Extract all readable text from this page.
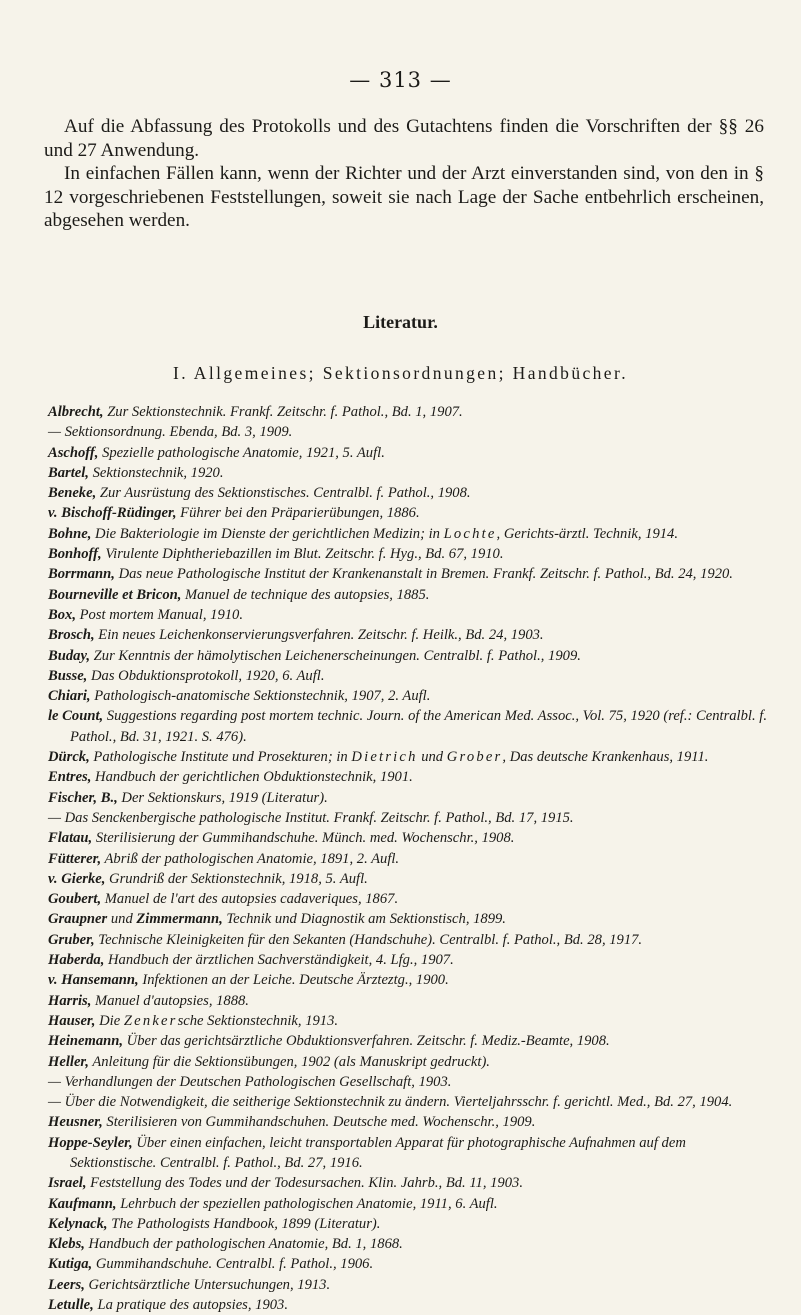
— 313 —

Auf die Abfassung des Protokolls und des Gutachtens finden die Vorschriften der §§ 26 und 27 Anwendung.

In einfachen Fällen kann, wenn der Richter und der Arzt einverstanden sind, von den in § 12 vorgeschriebenen Feststellungen, soweit sie nach Lage der Sache entbehrlich erscheinen, abgesehen werden.

Literatur.
I. Allgemeines; Sektionsordnungen; Handbücher.
Albrecht, Zur Sektionstechnik. Frankf. Zeitschr. f. Pathol., Bd. 1, 1907.
— Sektionsordnung. Ebenda, Bd. 3, 1909.
Aschoff, Spezielle pathologische Anatomie, 1921, 5. Aufl.
Bartel, Sektionstechnik, 1920.
Beneke, Zur Ausrüstung des Sektionstisches. Centralbl. f. Pathol., 1908.
v. Bischoff-Rüdinger, Führer bei den Präparierübungen, 1886.
Bohne, Die Bakteriologie im Dienste der gerichtlichen Medizin; in Lochte, Gerichts-ärztl. Technik, 1914.
Bonhoff, Virulente Diphtheriebazillen im Blut. Zeitschr. f. Hyg., Bd. 67, 1910.
Borrmann, Das neue Pathologische Institut der Krankenanstalt in Bremen. Frankf. Zeitschr. f. Pathol., Bd. 24, 1920.
Bourneville et Bricon, Manuel de technique des autopsies, 1885.
Box, Post mortem Manual, 1910.
Brosch, Ein neues Leichenkonservierungsverfahren. Zeitschr. f. Heilk., Bd. 24, 1903.
Buday, Zur Kenntnis der hämolytischen Leichenerscheinungen. Centralbl. f. Pathol., 1909.
Busse, Das Obduktionsprotokoll, 1920, 6. Aufl.
Chiari, Pathologisch-anatomische Sektionstechnik, 1907, 2. Aufl.
le Count, Suggestions regarding post mortem technic. Journ. of the American Med. Assoc., Vol. 75, 1920 (ref.: Centralbl. f. Pathol., Bd. 31, 1921. S. 476).
Dürck, Pathologische Institute und Prosekturen; in Dietrich und Grober, Das deutsche Krankenhaus, 1911.
Entres, Handbuch der gerichtlichen Obduktionstechnik, 1901.
Fischer, B., Der Sektionskurs, 1919 (Literatur).
— Das Senckenbergische pathologische Institut. Frankf. Zeitschr. f. Pathol., Bd. 17, 1915.
Flatau, Sterilisierung der Gummihandschuhe. Münch. med. Wochenschr., 1908.
Fütterer, Abriß der pathologischen Anatomie, 1891, 2. Aufl.
v. Gierke, Grundriß der Sektionstechnik, 1918, 5. Aufl.
Goubert, Manuel de l'art des autopsies cadaveriques, 1867.
Graupner und Zimmermann, Technik und Diagnostik am Sektionstisch, 1899.
Gruber, Technische Kleinigkeiten für den Sekanten (Handschuhe). Centralbl. f. Pathol., Bd. 28, 1917.
Haberda, Handbuch der ärztlichen Sachverständigkeit, 4. Lfg., 1907.
v. Hansemann, Infektionen an der Leiche. Deutsche Ärzteztg., 1900.
Harris, Manuel d'autopsies, 1888.
Hauser, Die Zenkersche Sektionstechnik, 1913.
Heinemann, Über das gerichtsärztliche Obduktionsverfahren. Zeitschr. f. Mediz.-Beamte, 1908.
Heller, Anleitung für die Sektionsübungen, 1902 (als Manuskript gedruckt).
— Verhandlungen der Deutschen Pathologischen Gesellschaft, 1903.
— Über die Notwendigkeit, die seitherige Sektionstechnik zu ändern. Vierteljahrsschr. f. gerichtl. Med., Bd. 27, 1904.
Heusner, Sterilisieren von Gummihandschuhen. Deutsche med. Wochenschr., 1909.
Hoppe-Seyler, Über einen einfachen, leicht transportablen Apparat für photographische Aufnahmen auf dem Sektionstische. Centralbl. f. Pathol., Bd. 27, 1916.
Israel, Feststellung des Todes und der Todesursachen. Klin. Jahrb., Bd. 11, 1903.
Kaufmann, Lehrbuch der speziellen pathologischen Anatomie, 1911, 6. Aufl.
Kelynack, The Pathologists Handbook, 1899 (Literatur).
Klebs, Handbuch der pathologischen Anatomie, Bd. 1, 1868.
Kutiga, Gummihandschuhe. Centralbl. f. Pathol., 1906.
Leers, Gerichtsärztliche Untersuchungen, 1913.
Letulle, La pratique des autopsies, 1903.
